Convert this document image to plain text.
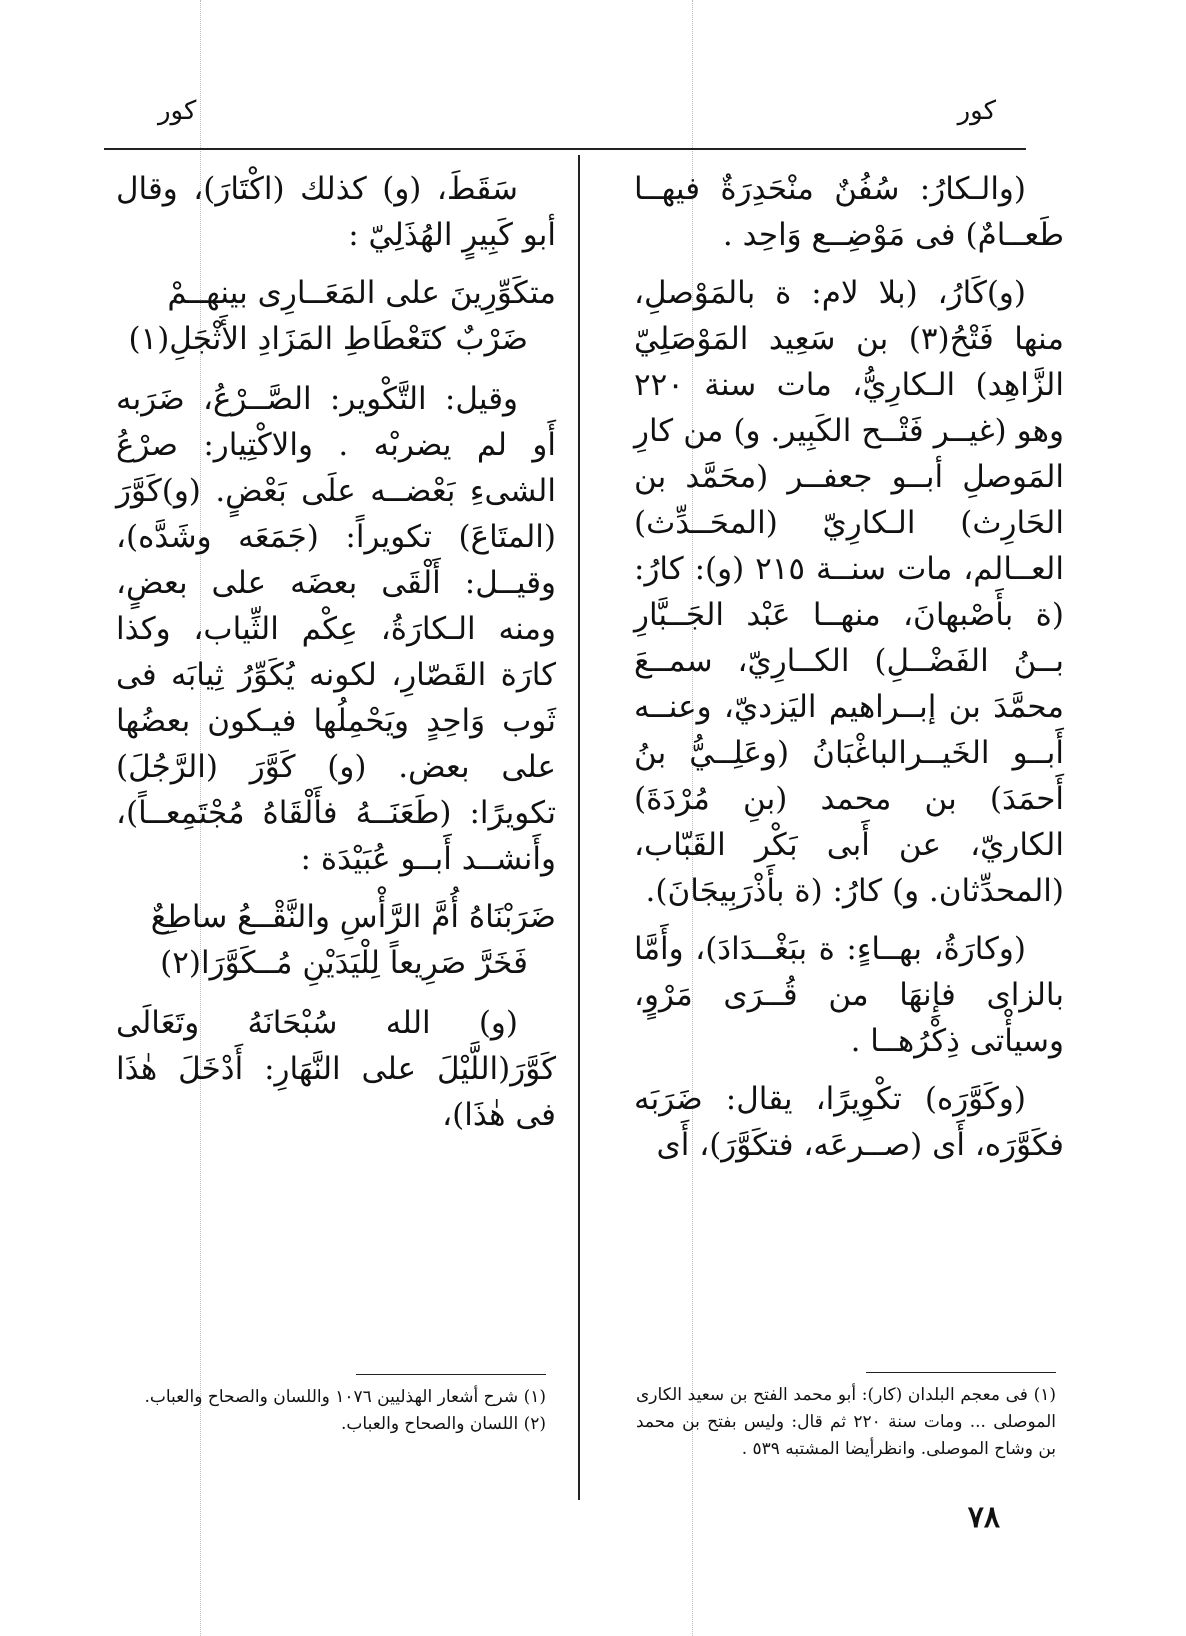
كور
كور
(والـكارُ: سُفُنٌ منْحَدِرَةٌ فيهــا طَعــامٌ) فى مَوْضِــع وَاحِد .
(و)كَارُ، (بلا لام: ة بالمَوْصلِ، منها فَتْحُ(٣) بن سَعِيد المَوْصَلِيّ الزَّاهِد) الـكارِيُّ، مات سنة ٢٢٠ وهو (غيــر فَتْــح الكَبِير. و) من كارِ المَوصلِ أبــو جعفــر (محَمَّد بن الحَارِث) الـكارِيّ (المحَــدِّث) العــالم، مات سنــة ٢١٥ (و): كارُ: (ة بأَصْبهانَ، منهــا عَبْد الجَــبَّارِ بــنُ الفَضْــلِ) الكــارِيّ، سمــعَ محمَّدَ بن إبــراهيم اليَزديّ، وعنــه أَبــو الخَيــرالباغْبَانُ (وعَلِــيُّ بنُ أَحمَدَ) بن محمد (بنِ مُرْدَةَ) الكاريّ، عن أَبى بَكْر القَبّاب، (المحدِّثان. و) كارُ: (ة بأَذْرَبِيجَانَ).
(وكارَةُ، بهــاءٍ: ة ببَغْــدَادَ)، وأَمَّا بالزاى فإِنهَا من قُــرَى مَرْوٍ، وسيأْتى ذِكْرُهــا .
(وكَوَّرَه) تكْوِيرًا، يقال: ضَرَبَه فكَوَّرَه، أَى (صــرعَه، فتكَوَّرَ)، أَى
(١) فى معجم البلدان (كار): أبو محمد الفتح بن سعيد الكارى الموصلى ... ومات سنة ٢٢٠ ثم قال: وليس بفتح بن محمد بن وشاح الموصلى. وانظرأيضا المشتبه ٥٣٩ .
سَقَطَ، (و) كذلك (اكْتَارَ)، وقال أبو كَبِيرٍ الهُذَلِيّ :
متكَوِّرِينَ على المَعَــارِى بينهــمْ
ضَرْبٌ كتَعْطَاطِ المَزَادِ الأَثْجَلِ(١)
وقيل: التَّكْوير: الصَّــرْعُ، ضَرَبه أَو لم يضربْه . والاكْتِيار: صرْعُ الشىءِ بَعْضــه علَى بَعْضٍ. (و)كَوَّرَ (المتَاعَ) تكويراً: (جَمَعَه وشَدَّه)، وقيــل: أَلْقَى بعضَه على بعضٍ، ومنه الـكارَةُ، عِكْم الثِّياب، وكذا كارَة القَصّارِ، لكونه يُكَوِّرُ ثِيابَه فى ثَوب وَاحِدٍ ويَحْمِلُها فيـكون بعضُها على بعض. (و) كَوَّرَ (الرَّجُلَ) تكويرًا: (طَعَنَــهُ فأَلْقَاهُ مُجْتَمِعــاً)، وأَنشــد أَبــو عُبَيْدَة :
ضَرَبْنَاهُ أُمَّ الرَّأْسِ والنَّقْــعُ ساطِعٌ
فَخَرَّ صَرِيعاً لِلْيَدَيْنِ مُــكَوَّرَا(٢)
(و) الله سُبْحَانَهُ وتَعَالَى كَوَّرَ(اللَّيْلَ على النَّهَارِ: أَدْخَلَ هٰذَا فى هٰذَا)،
(١) شرح أشعار الهذليين ١٠٧٦ واللسان والصحاح والعباب.
(٢) اللسان والصحاح والعباب.
٧٨
